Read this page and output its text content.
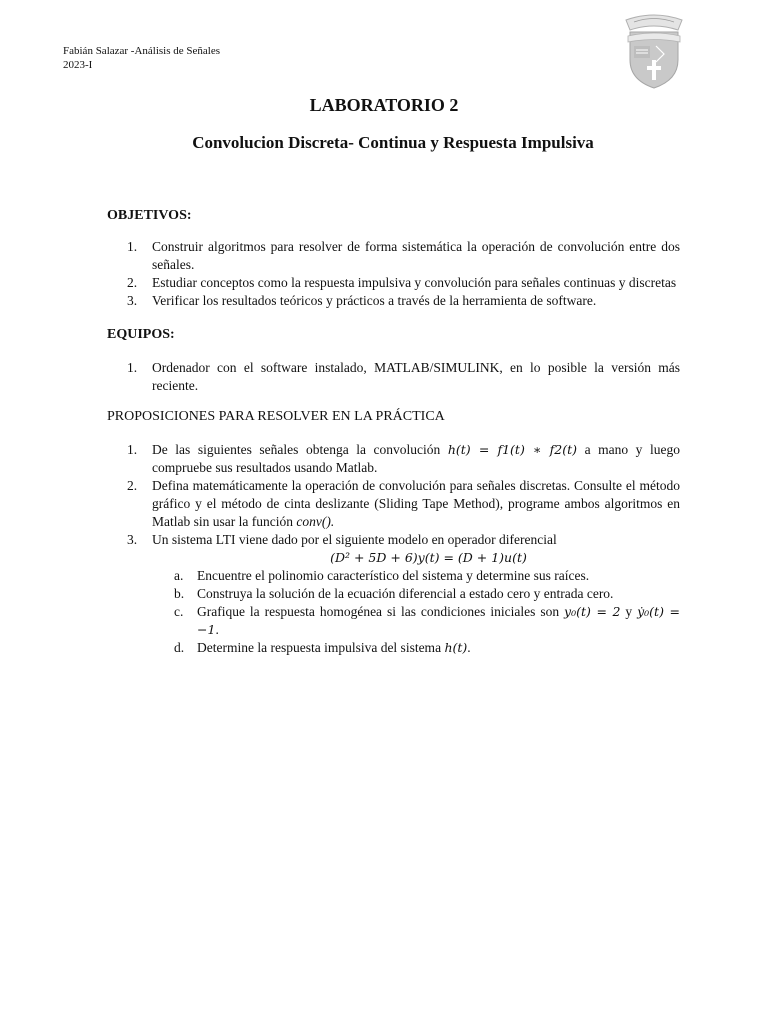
Fabián Salazar -Análisis de Señales
2023-I
LABORATORIO 2
Convolucion Discreta- Continua y Respuesta Impulsiva
OBJETIVOS:
1.	Construir algoritmos para resolver de forma sistemática la operación de convolución entre dos señales.
2.	Estudiar conceptos como la respuesta impulsiva y convolución para señales continuas y discretas
3.	Verificar los resultados teóricos y prácticos a través de la herramienta de software.
EQUIPOS:
1.	Ordenador con el software instalado, MATLAB/SIMULINK, en lo posible la versión más reciente.
PROPOSICIONES PARA RESOLVER EN LA PRÁCTICA
1.	De las siguientes señales obtenga la convolución h(t) = f1(t) ∗ f2(t) a mano y luego compruebe sus resultados usando Matlab.
2.	Defina matemáticamente la operación de convolución para señales discretas. Consulte el método gráfico y el método de cinta deslizante (Sliding Tape Method), programe ambos algoritmos en Matlab sin usar la función conv().
3.	Un sistema LTI viene dado por el siguiente modelo en operador diferencial
(D² + 5D + 6)y(t) = (D + 1)u(t)
a.	Encuentre el polinomio característico del sistema y determine sus raíces.
b. Construya la solución de la ecuación diferencial a estado cero y entrada cero.
c.	Grafique la respuesta homogénea si las condiciones iniciales son y₀(t) = 2 y ẏ₀(t) = −1.
d. Determine la respuesta impulsiva del sistema h(t).
